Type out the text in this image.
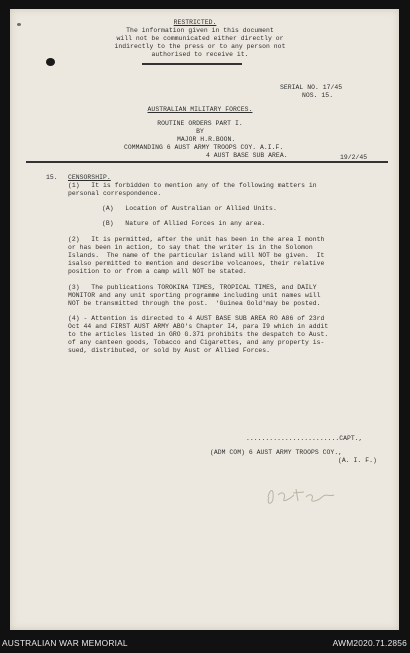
RESTRICTED.
The information given in this document
will not be communicated either directly or
indirectly to the press or to any person not
authorised to receive it.
SERIAL NO. 17/45
NOS. 15.
AUSTRALIAN MILITARY FORCES.
ROUTINE ORDERS PART I.
BY
MAJOR H.R.BOON.
COMMANDING 6 AUST ARMY TROOPS COY. A.I.F.
4 AUST BASE SUB AREA.	19/2/45
15. CENSORSHIP.
(1)   It is forbidden to mention any of the following matters in
personal correspondence.
(A)   Location of Australian or Allied Units.
(B)   Nature of Allied Forces in any area.
(2)   It is permitted, after the unit has been in the area I month
or has been in action, to say that the writer is in the Solomon
Islands.  The name of the particular island will NOT be given.  It
isalso permitted to mention and describe volcanoes, their relative
position to or from a camp will NOT be stated.
(3)   The publications TOROKINA TIMES, TROPICAL TIMES, and DAILY
MONITOR and any unit sporting programme including unit names will
NOT be transmitted through the post.  'Guinea Gold'may be posted.
(4) - Attention is directed to 4 AUST BASE SUB AREA RO A86 of 23rd
Oct 44 and FIRST AUST ARMY ABO's Chapter I4, para I9 which in addit
to the articles listed in GRO G.371 prohibits the despatch to Aust.
of any canteen goods, Tobacco and Cigarettes, and any property is-
sued, distributed, or sold by Aust or Allied Forces.
........................CAPT.,
(ADM COM) 6 AUST ARMY TROOPS COY.,
(A. I. F.)
AUSTRALIAN WAR MEMORIAL	AWM2020.71.2856
